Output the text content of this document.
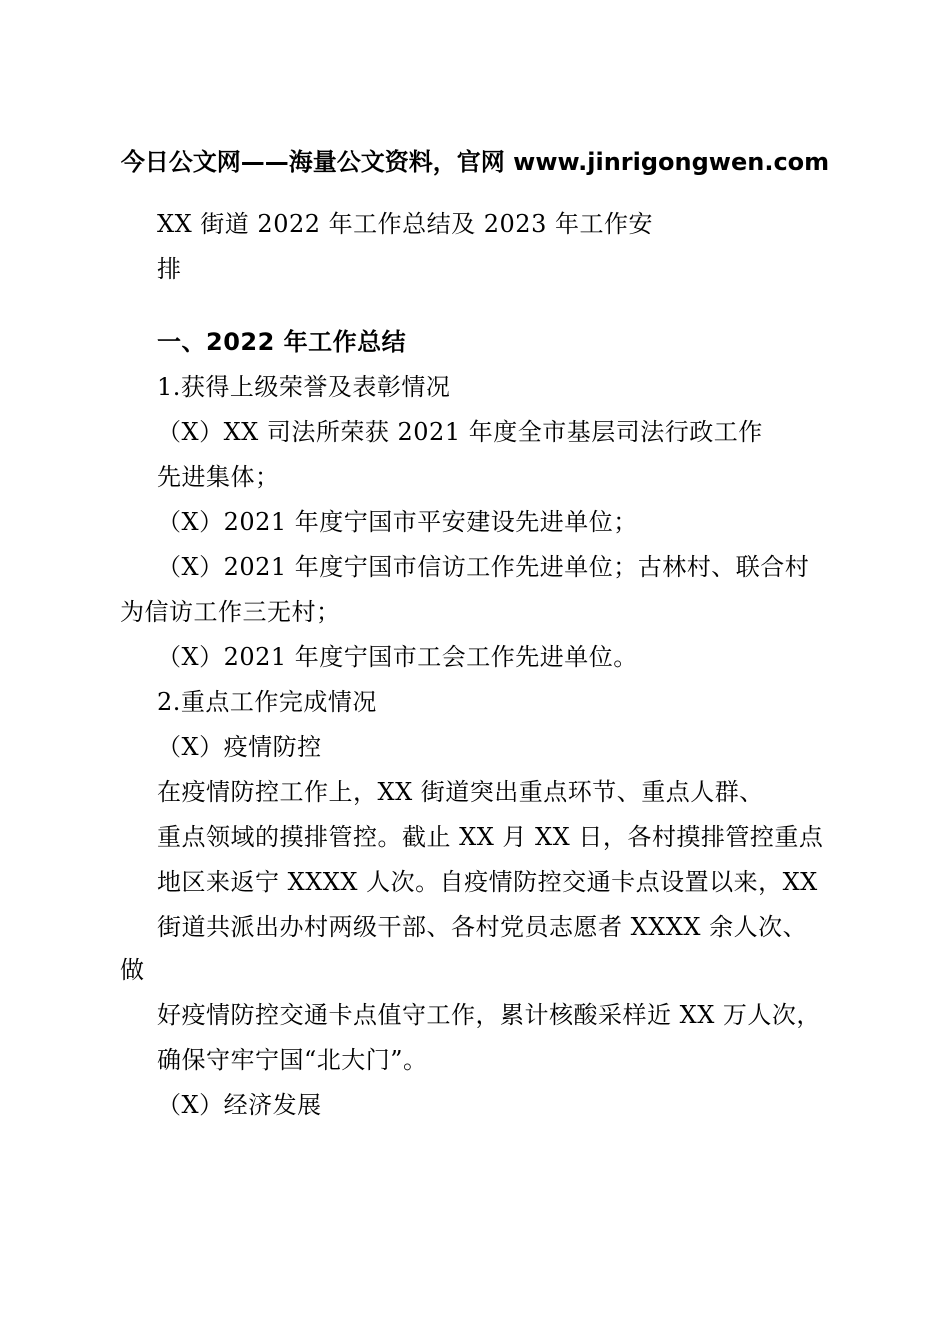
今日公文网——海量公文资料，官网 www.jinrigongwen.com
XX 街道 2022 年工作总结及 2023 年工作安
排
一、2022 年工作总结
1.获得上级荣誉及表彰情况
（X）XX 司法所荣获 2021 年度全市基层司法行政工作
先进集体；
（X）2021 年度宁国市平安建设先进单位；
（X）2021 年度宁国市信访工作先进单位；古林村、联合村
为信访工作三无村；
（X）2021 年度宁国市工会工作先进单位。
2.重点工作完成情况
（X）疫情防控
在疫情防控工作上，XX 街道突出重点环节、重点人群、
重点领域的摸排管控。截止 XX 月 XX 日，各村摸排管控重点
地区来返宁 XXXX 人次。自疫情防控交通卡点设置以来，XX
街道共派出办村两级干部、各村党员志愿者 XXXX 余人次、
做
好疫情防控交通卡点值守工作，累计核酸采样近 XX 万人次，
确保守牢宁国“北大门”。
（X）经济发展
